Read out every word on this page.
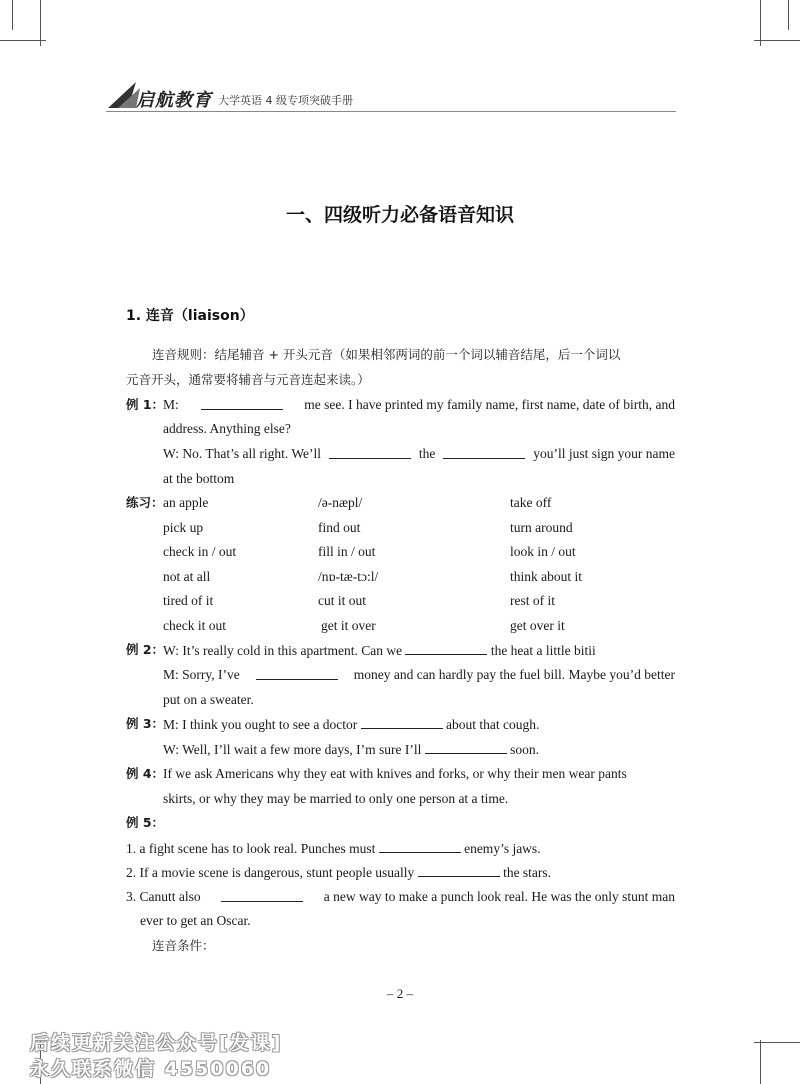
启航教育 大学英语 4 级专项突破手册
一、四级听力必备语音知识
1. 连音（liaison）
连音规则：结尾辅音 + 开头元音（如果相邻两词的前一个词以辅音结尾，后一个词以
元音开头，通常要将辅音与元音连起来读。）
例 1：
M:	me see. I have printed my family name, first name, date of birth, and
address. Anything else?
W: No. That’s all right. We’ll	the	you’ll just sign your name
at the bottom
练习： an apple	/ə-næpl/	take off
pick up	find out	turn around
check in / out	fill in / out	look in / out
not at all	/nɒ-tæ-tɔ:l/	think about it
tired of it	cut it out	rest of it
check it out	get it over	get over it
例 2：
W: It’s really cold in this apartment. Can we	the heat a little bitii
M: Sorry, I’ve	money and can hardly pay the fuel bill. Maybe you’d better
put on a sweater.
例 3：
M: I think you ought to see a doctor	about that cough.
W: Well, I’ll wait a few more days, I’m sure I’ll	soon.
例 4：
If we ask Americans why they eat with knives and forks, or why their men wear pants
skirts, or why they may be married to only one person at a time.
例 5：
1. a fight scene has to look real. Punches must	enemy’s jaws.
2. If a movie scene is dangerous, stunt people usually	the stars.
3. Canutt also	a new way to make a punch look real. He was the only stunt man
ever to get an Oscar.
连音条件：
– 2 –
后续更新关注公众号[发课]
永久联系微信 4550060
